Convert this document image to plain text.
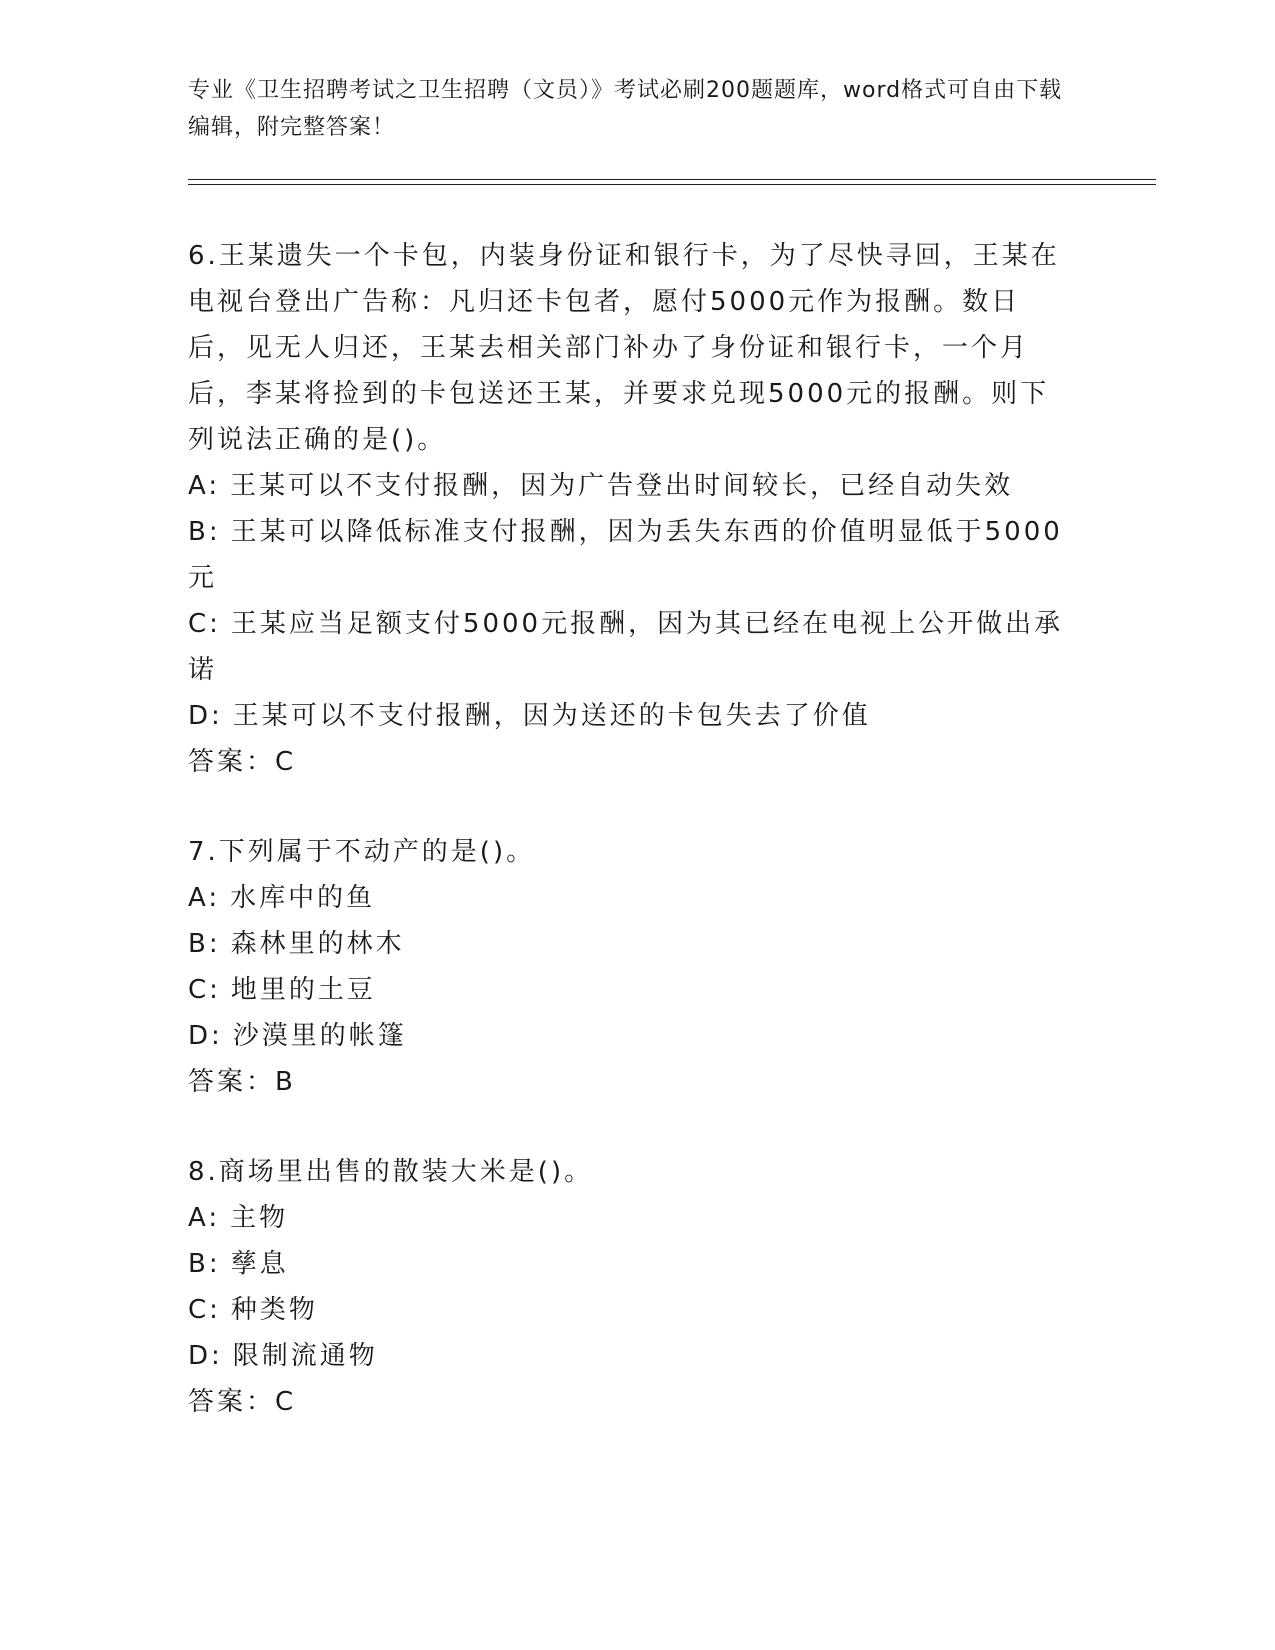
专业《卫生招聘考试之卫生招聘（文员）》考试必刷200题题库，word格式可自由下载编辑，附完整答案！

6.王某遗失一个卡包，内装身份证和银行卡，为了尽快寻回，王某在电视台登出广告称：凡归还卡包者，愿付5000元作为报酬。数日后，见无人归还，王某去相关部门补办了身份证和银行卡，一个月后，李某将捡到的卡包送还王某，并要求兑现5000元的报酬。则下列说法正确的是()。

A: 王某可以不支付报酬，因为广告登出时间较长，已经自动失效

B: 王某可以降低标准支付报酬，因为丢失东西的价值明显低于5000元

C: 王某应当足额支付5000元报酬，因为其已经在电视上公开做出承诺

D: 王某可以不支付报酬，因为送还的卡包失去了价值

答案：C

7.下列属于不动产的是()。

A: 水库中的鱼

B: 森林里的林木

C: 地里的土豆

D: 沙漠里的帐篷

答案：B

8.商场里出售的散装大米是()。

A: 主物

B: 孳息

C: 种类物

D: 限制流通物

答案：C
